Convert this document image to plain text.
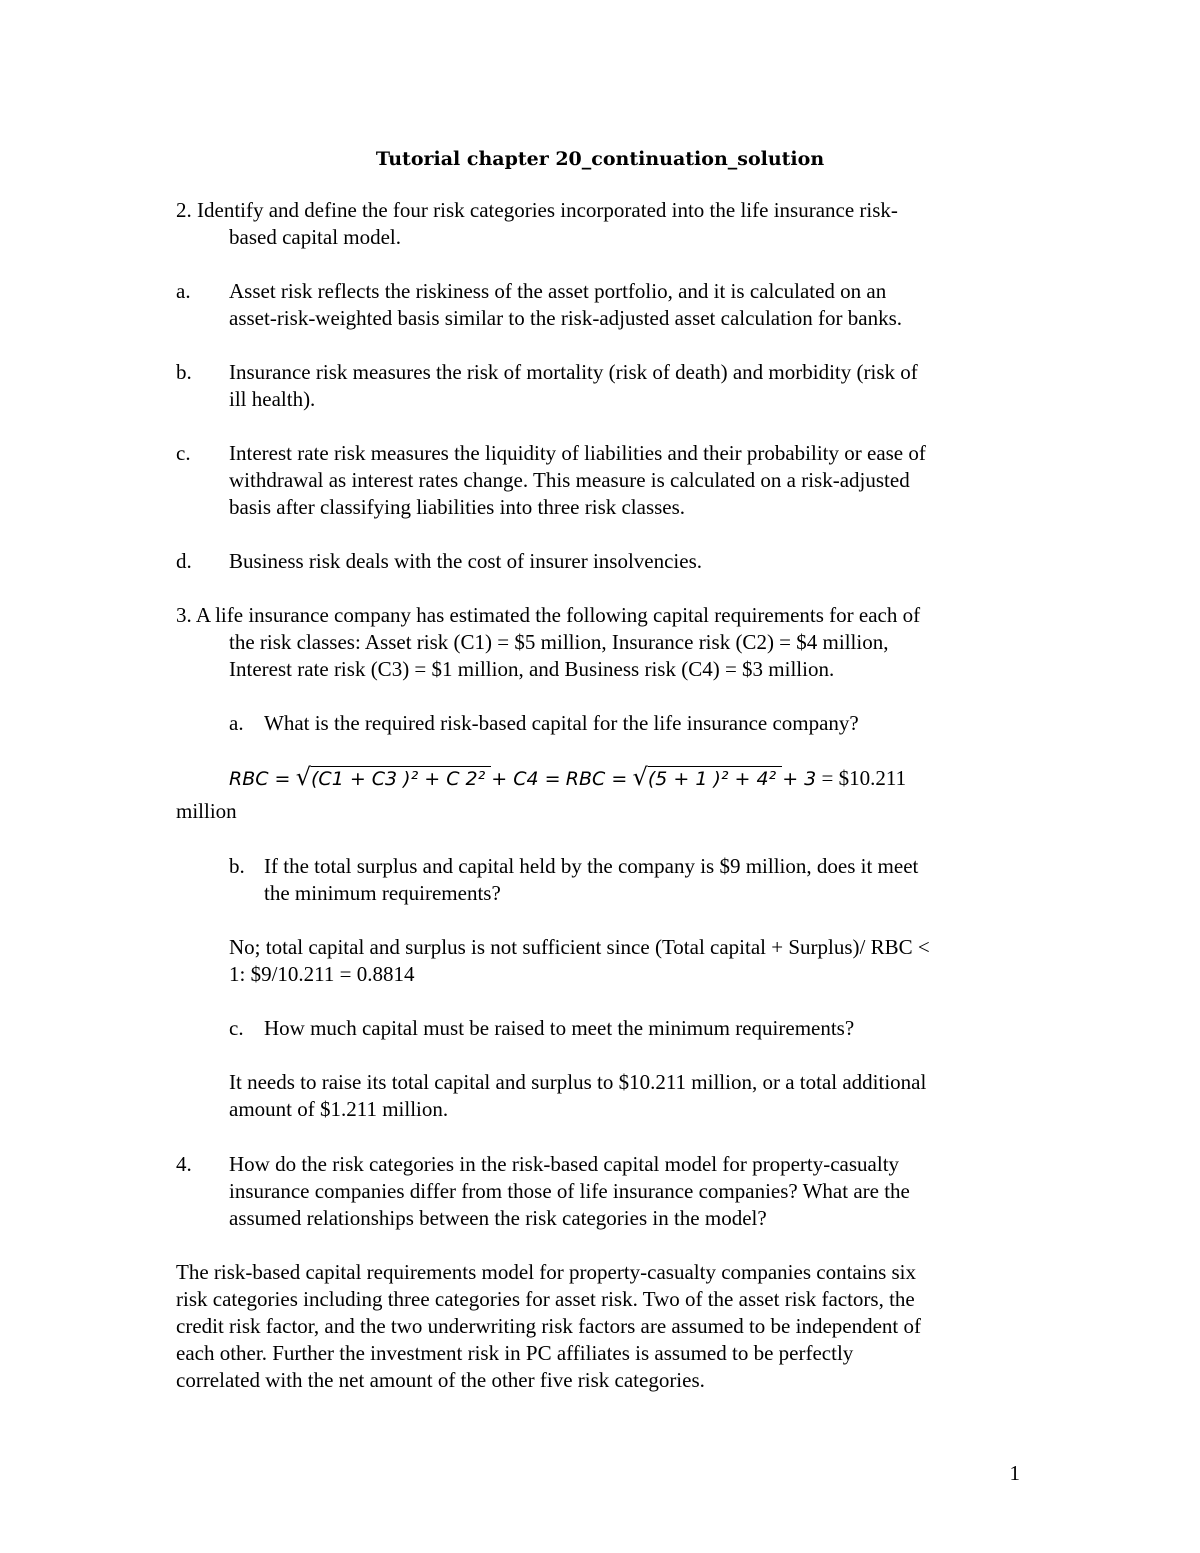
Tutorial chapter 20_continuation_solution
2. Identify and define the four risk categories incorporated into the life insurance risk-
based capital model.
a. Asset risk reflects the riskiness of the asset portfolio, and it is calculated on an
asset-risk-weighted basis similar to the risk-adjusted asset calculation for banks.
b. Insurance risk measures the risk of mortality (risk of death) and morbidity (risk of
ill health).
c. Interest rate risk measures the liquidity of liabilities and their probability or ease of
withdrawal as interest rates change. This measure is calculated on a risk-adjusted
basis after classifying liabilities into three risk classes.
d. Business risk deals with the cost of insurer insolvencies.
3. A life insurance company has estimated the following capital requirements for each of
the risk classes: Asset risk (C1) = $5 million, Insurance risk (C2) = $4 million,
Interest rate risk (C3) = $1 million, and Business risk (C4) = $3 million.
a. What is the required risk-based capital for the life insurance company?
RBC = √(C1 + C3 )² + C 2² + C4 = RBC = √(5 + 1 )² + 4² + 3 = $10.211
million
b. If the total surplus and capital held by the company is $9 million, does it meet
the minimum requirements?
No; total capital and surplus is not sufficient since (Total capital + Surplus)/ RBC <
1: $9/10.211 = 0.8814
c. How much capital must be raised to meet the minimum requirements?
It needs to raise its total capital and surplus to $10.211 million, or a total additional
amount of $1.211 million.
4. How do the risk categories in the risk-based capital model for property-casualty
insurance companies differ from those of life insurance companies? What are the
assumed relationships between the risk categories in the model?
The risk-based capital requirements model for property-casualty companies contains six
risk categories including three categories for asset risk. Two of the asset risk factors, the
credit risk factor, and the two underwriting risk factors are assumed to be independent of
each other. Further the investment risk in PC affiliates is assumed to be perfectly
correlated with the net amount of the other five risk categories.
1
